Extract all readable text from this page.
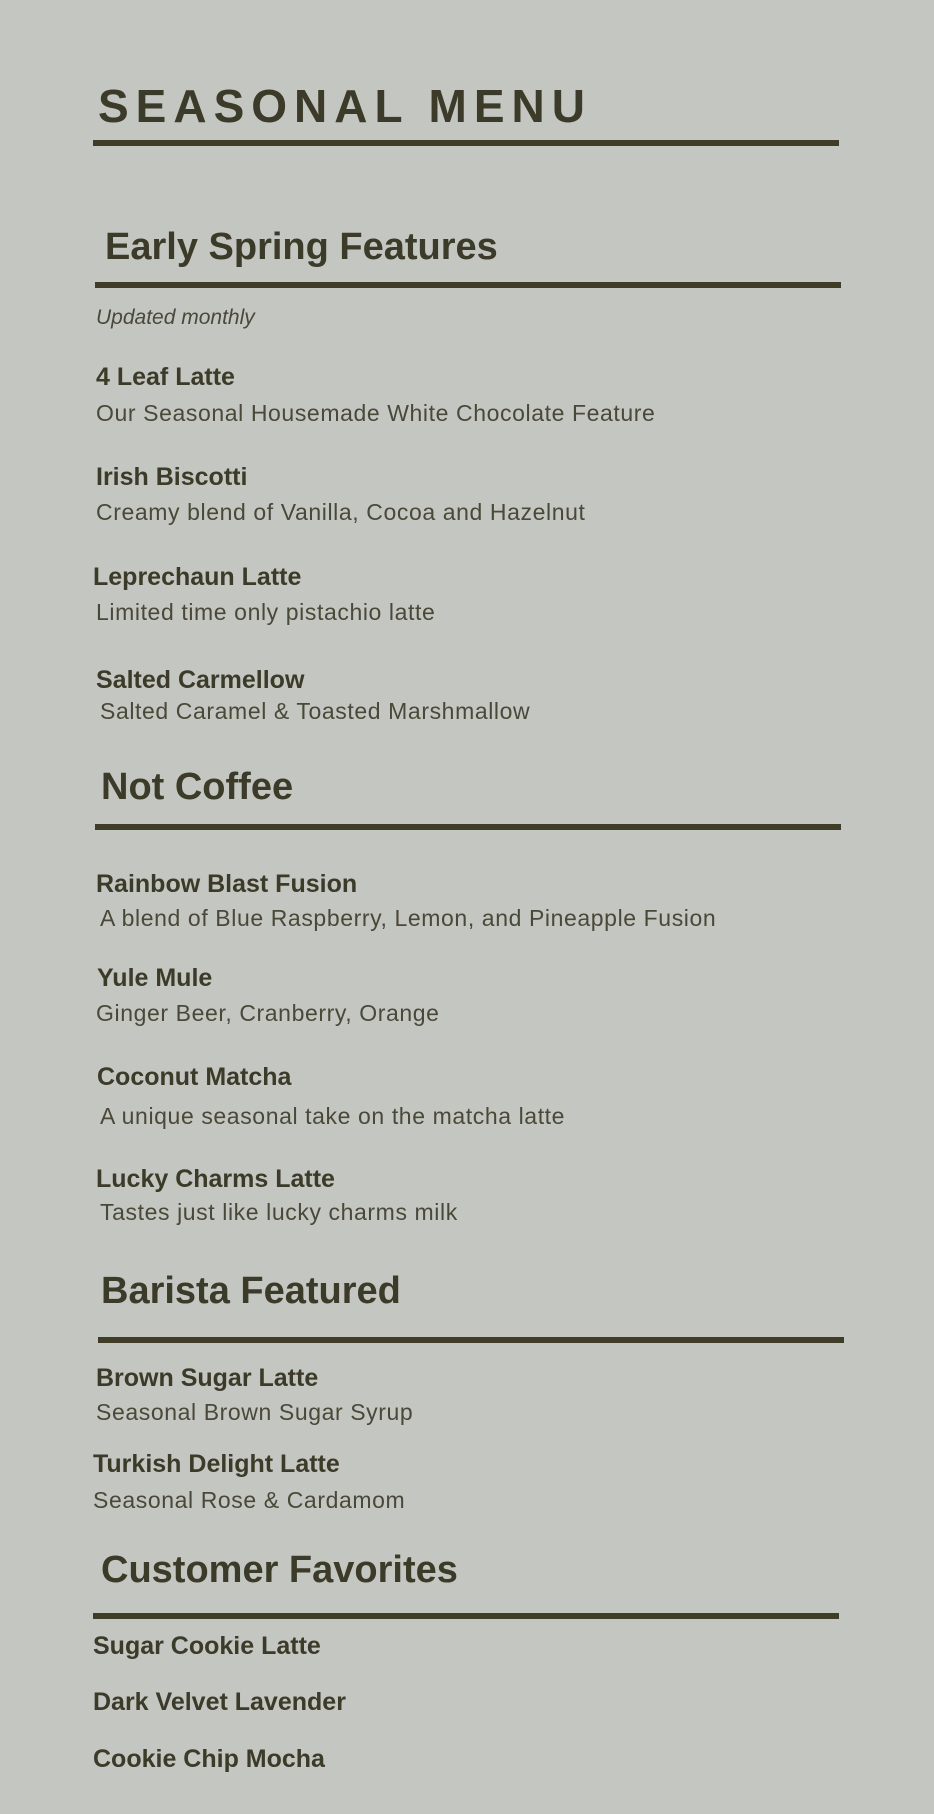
SEASONAL MENU
Early Spring Features
Updated monthly
4 Leaf Latte
Our Seasonal Housemade White Chocolate Feature
Irish Biscotti
Creamy blend of Vanilla, Cocoa and Hazelnut
Leprechaun Latte
Limited time only pistachio latte
Salted Carmellow
Salted Caramel & Toasted Marshmallow
Not Coffee
Rainbow Blast Fusion
A blend of Blue Raspberry, Lemon, and Pineapple Fusion
Yule Mule
Ginger Beer, Cranberry, Orange
Coconut Matcha
A unique seasonal take on the matcha latte
Lucky Charms Latte
Tastes just like lucky charms milk
Barista Featured
Brown Sugar Latte
Seasonal Brown Sugar Syrup
Turkish Delight Latte
Seasonal Rose & Cardamom
Customer Favorites
Sugar Cookie Latte
Dark Velvet Lavender
Cookie Chip Mocha
